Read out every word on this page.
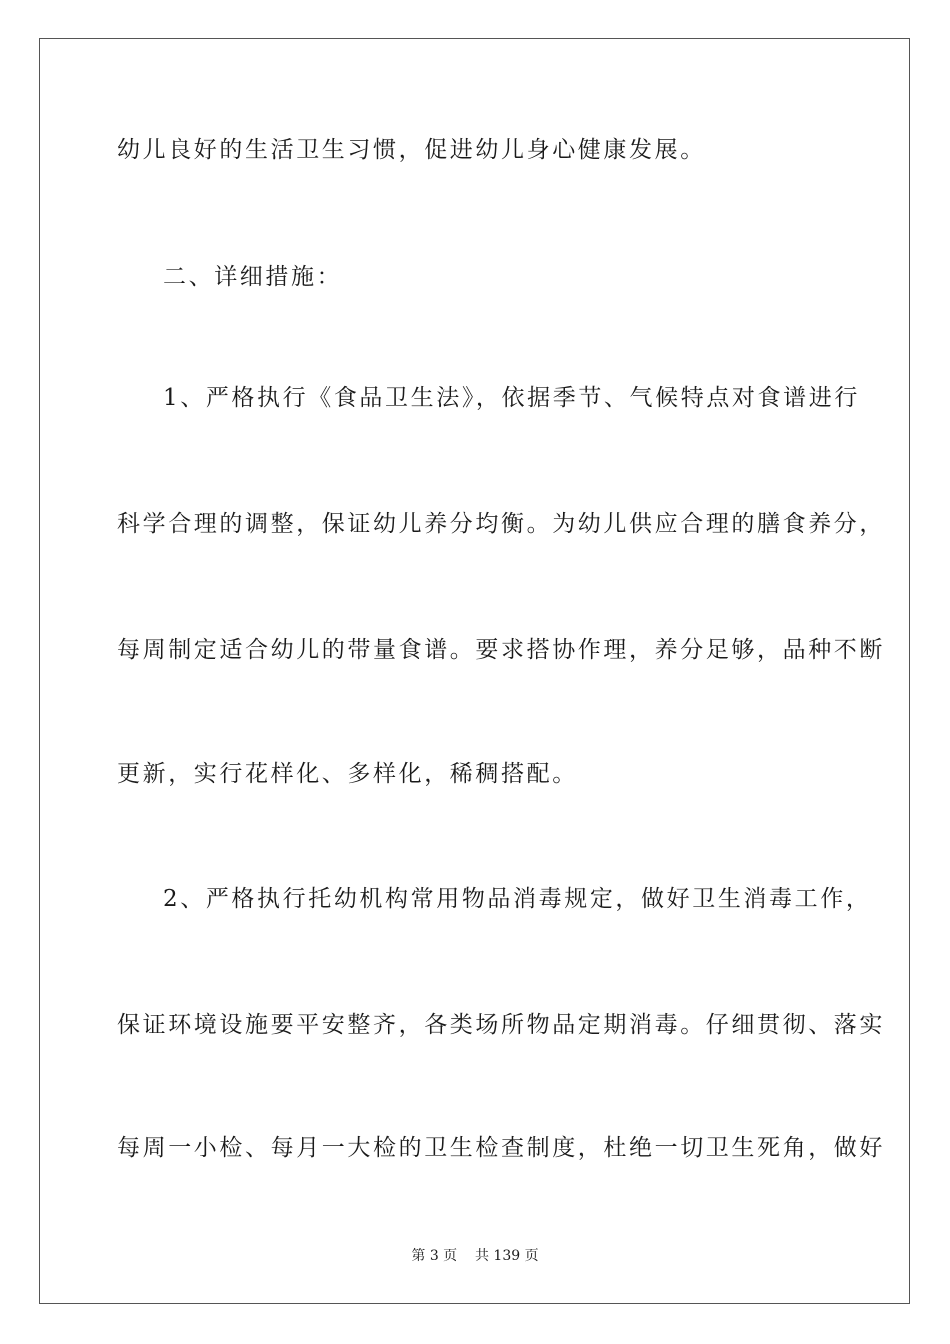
幼儿良好的生活卫生习惯，促进幼儿身心健康发展。
二、详细措施：
1、严格执行《食品卫生法》，依据季节、气候特点对食谱进行
科学合理的调整，保证幼儿养分均衡。为幼儿供应合理的膳食养分，
每周制定适合幼儿的带量食谱。要求搭协作理，养分足够，品种不断
更新，实行花样化、多样化，稀稠搭配。
2、严格执行托幼机构常用物品消毒规定，做好卫生消毒工作，
保证环境设施要平安整齐，各类场所物品定期消毒。仔细贯彻、落实
每周一小检、每月一大检的卫生检查制度，杜绝一切卫生死角，做好
第 3 页    共 139 页
